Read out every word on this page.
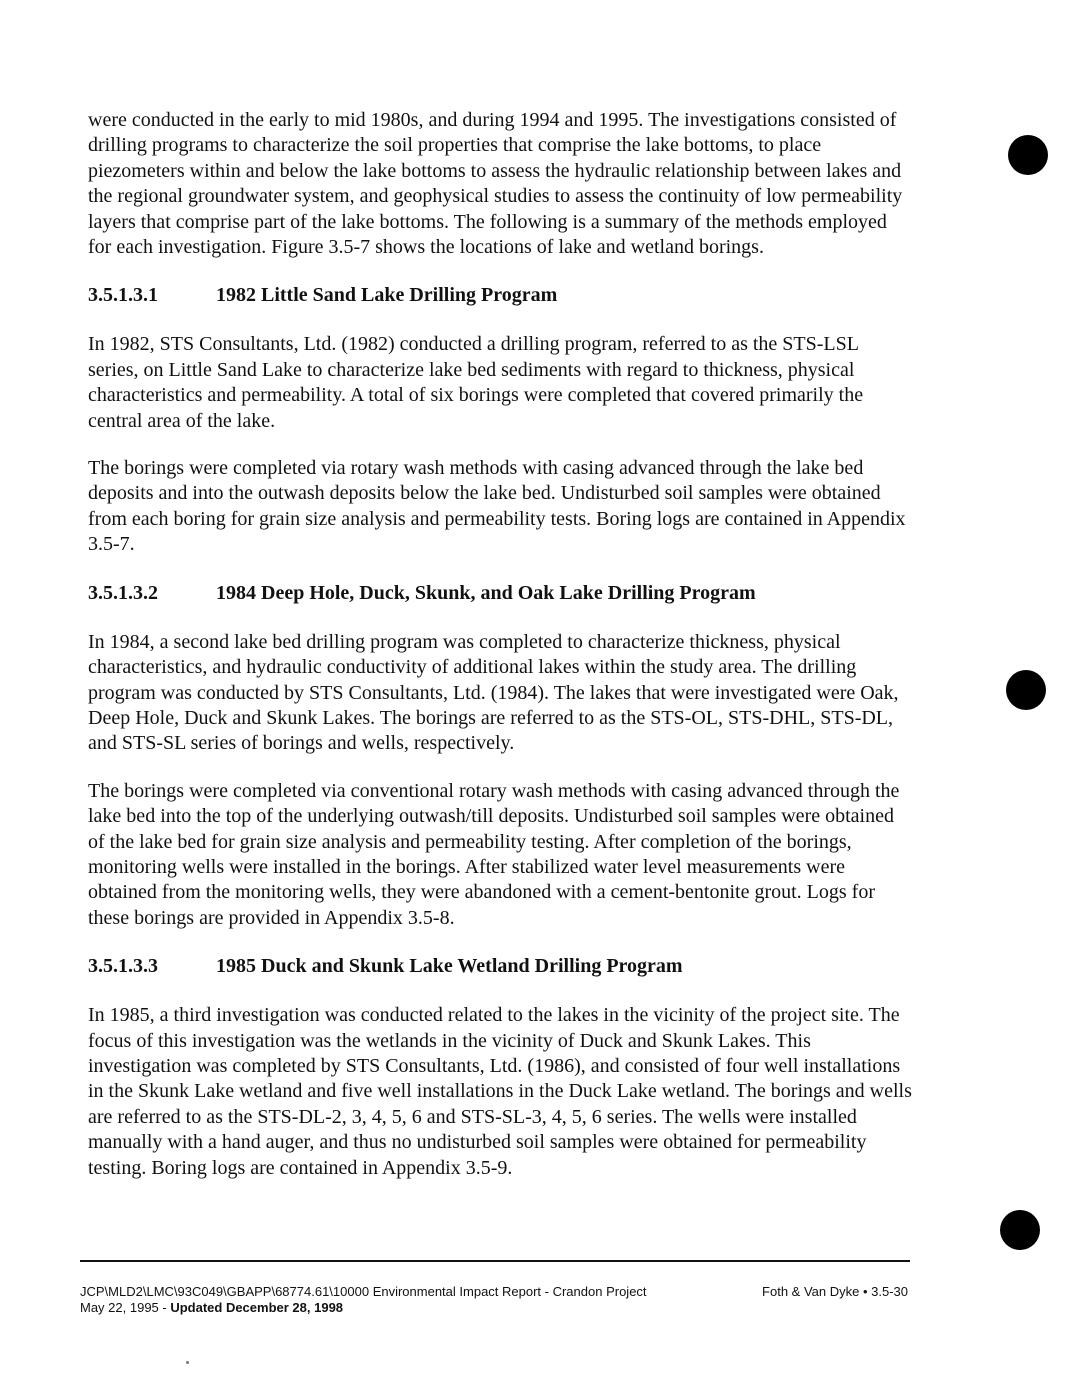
were conducted in the early to mid 1980s, and during 1994 and 1995. The investigations consisted of drilling programs to characterize the soil properties that comprise the lake bottoms, to place piezometers within and below the lake bottoms to assess the hydraulic relationship between lakes and the regional groundwater system, and geophysical studies to assess the continuity of low permeability layers that comprise part of the lake bottoms. The following is a summary of the methods employed for each investigation. Figure 3.5-7 shows the locations of lake and wetland borings.

3.5.1.3.1	1982 Little Sand Lake Drilling Program

In 1982, STS Consultants, Ltd. (1982) conducted a drilling program, referred to as the STS-LSL series, on Little Sand Lake to characterize lake bed sediments with regard to thickness, physical characteristics and permeability. A total of six borings were completed that covered primarily the central area of the lake.

The borings were completed via rotary wash methods with casing advanced through the lake bed deposits and into the outwash deposits below the lake bed. Undisturbed soil samples were obtained from each boring for grain size analysis and permeability tests. Boring logs are contained in Appendix 3.5-7.

3.5.1.3.2	1984 Deep Hole, Duck, Skunk, and Oak Lake Drilling Program

In 1984, a second lake bed drilling program was completed to characterize thickness, physical characteristics, and hydraulic conductivity of additional lakes within the study area. The drilling program was conducted by STS Consultants, Ltd. (1984). The lakes that were investigated were Oak, Deep Hole, Duck and Skunk Lakes. The borings are referred to as the STS-OL, STS-DHL, STS-DL, and STS-SL series of borings and wells, respectively.

The borings were completed via conventional rotary wash methods with casing advanced through the lake bed into the top of the underlying outwash/till deposits. Undisturbed soil samples were obtained of the lake bed for grain size analysis and permeability testing. After completion of the borings, monitoring wells were installed in the borings. After stabilized water level measurements were obtained from the monitoring wells, they were abandoned with a cement-bentonite grout. Logs for these borings are provided in Appendix 3.5-8.

3.5.1.3.3	1985 Duck and Skunk Lake Wetland Drilling Program

In 1985, a third investigation was conducted related to the lakes in the vicinity of the project site. The focus of this investigation was the wetlands in the vicinity of Duck and Skunk Lakes. This investigation was completed by STS Consultants, Ltd. (1986), and consisted of four well installations in the Skunk Lake wetland and five well installations in the Duck Lake wetland. The borings and wells are referred to as the STS-DL-2, 3, 4, 5, 6 and STS-SL-3, 4, 5, 6 series. The wells were installed manually with a hand auger, and thus no undisturbed soil samples were obtained for permeability testing. Boring logs are contained in Appendix 3.5-9.

JCP\MLD2\LMC\93C049\GBAPP\68774.61\10000 Environmental Impact Report - Crandon Project	Foth & Van Dyke • 3.5-30
May 22, 1995 - Updated December 28, 1998
